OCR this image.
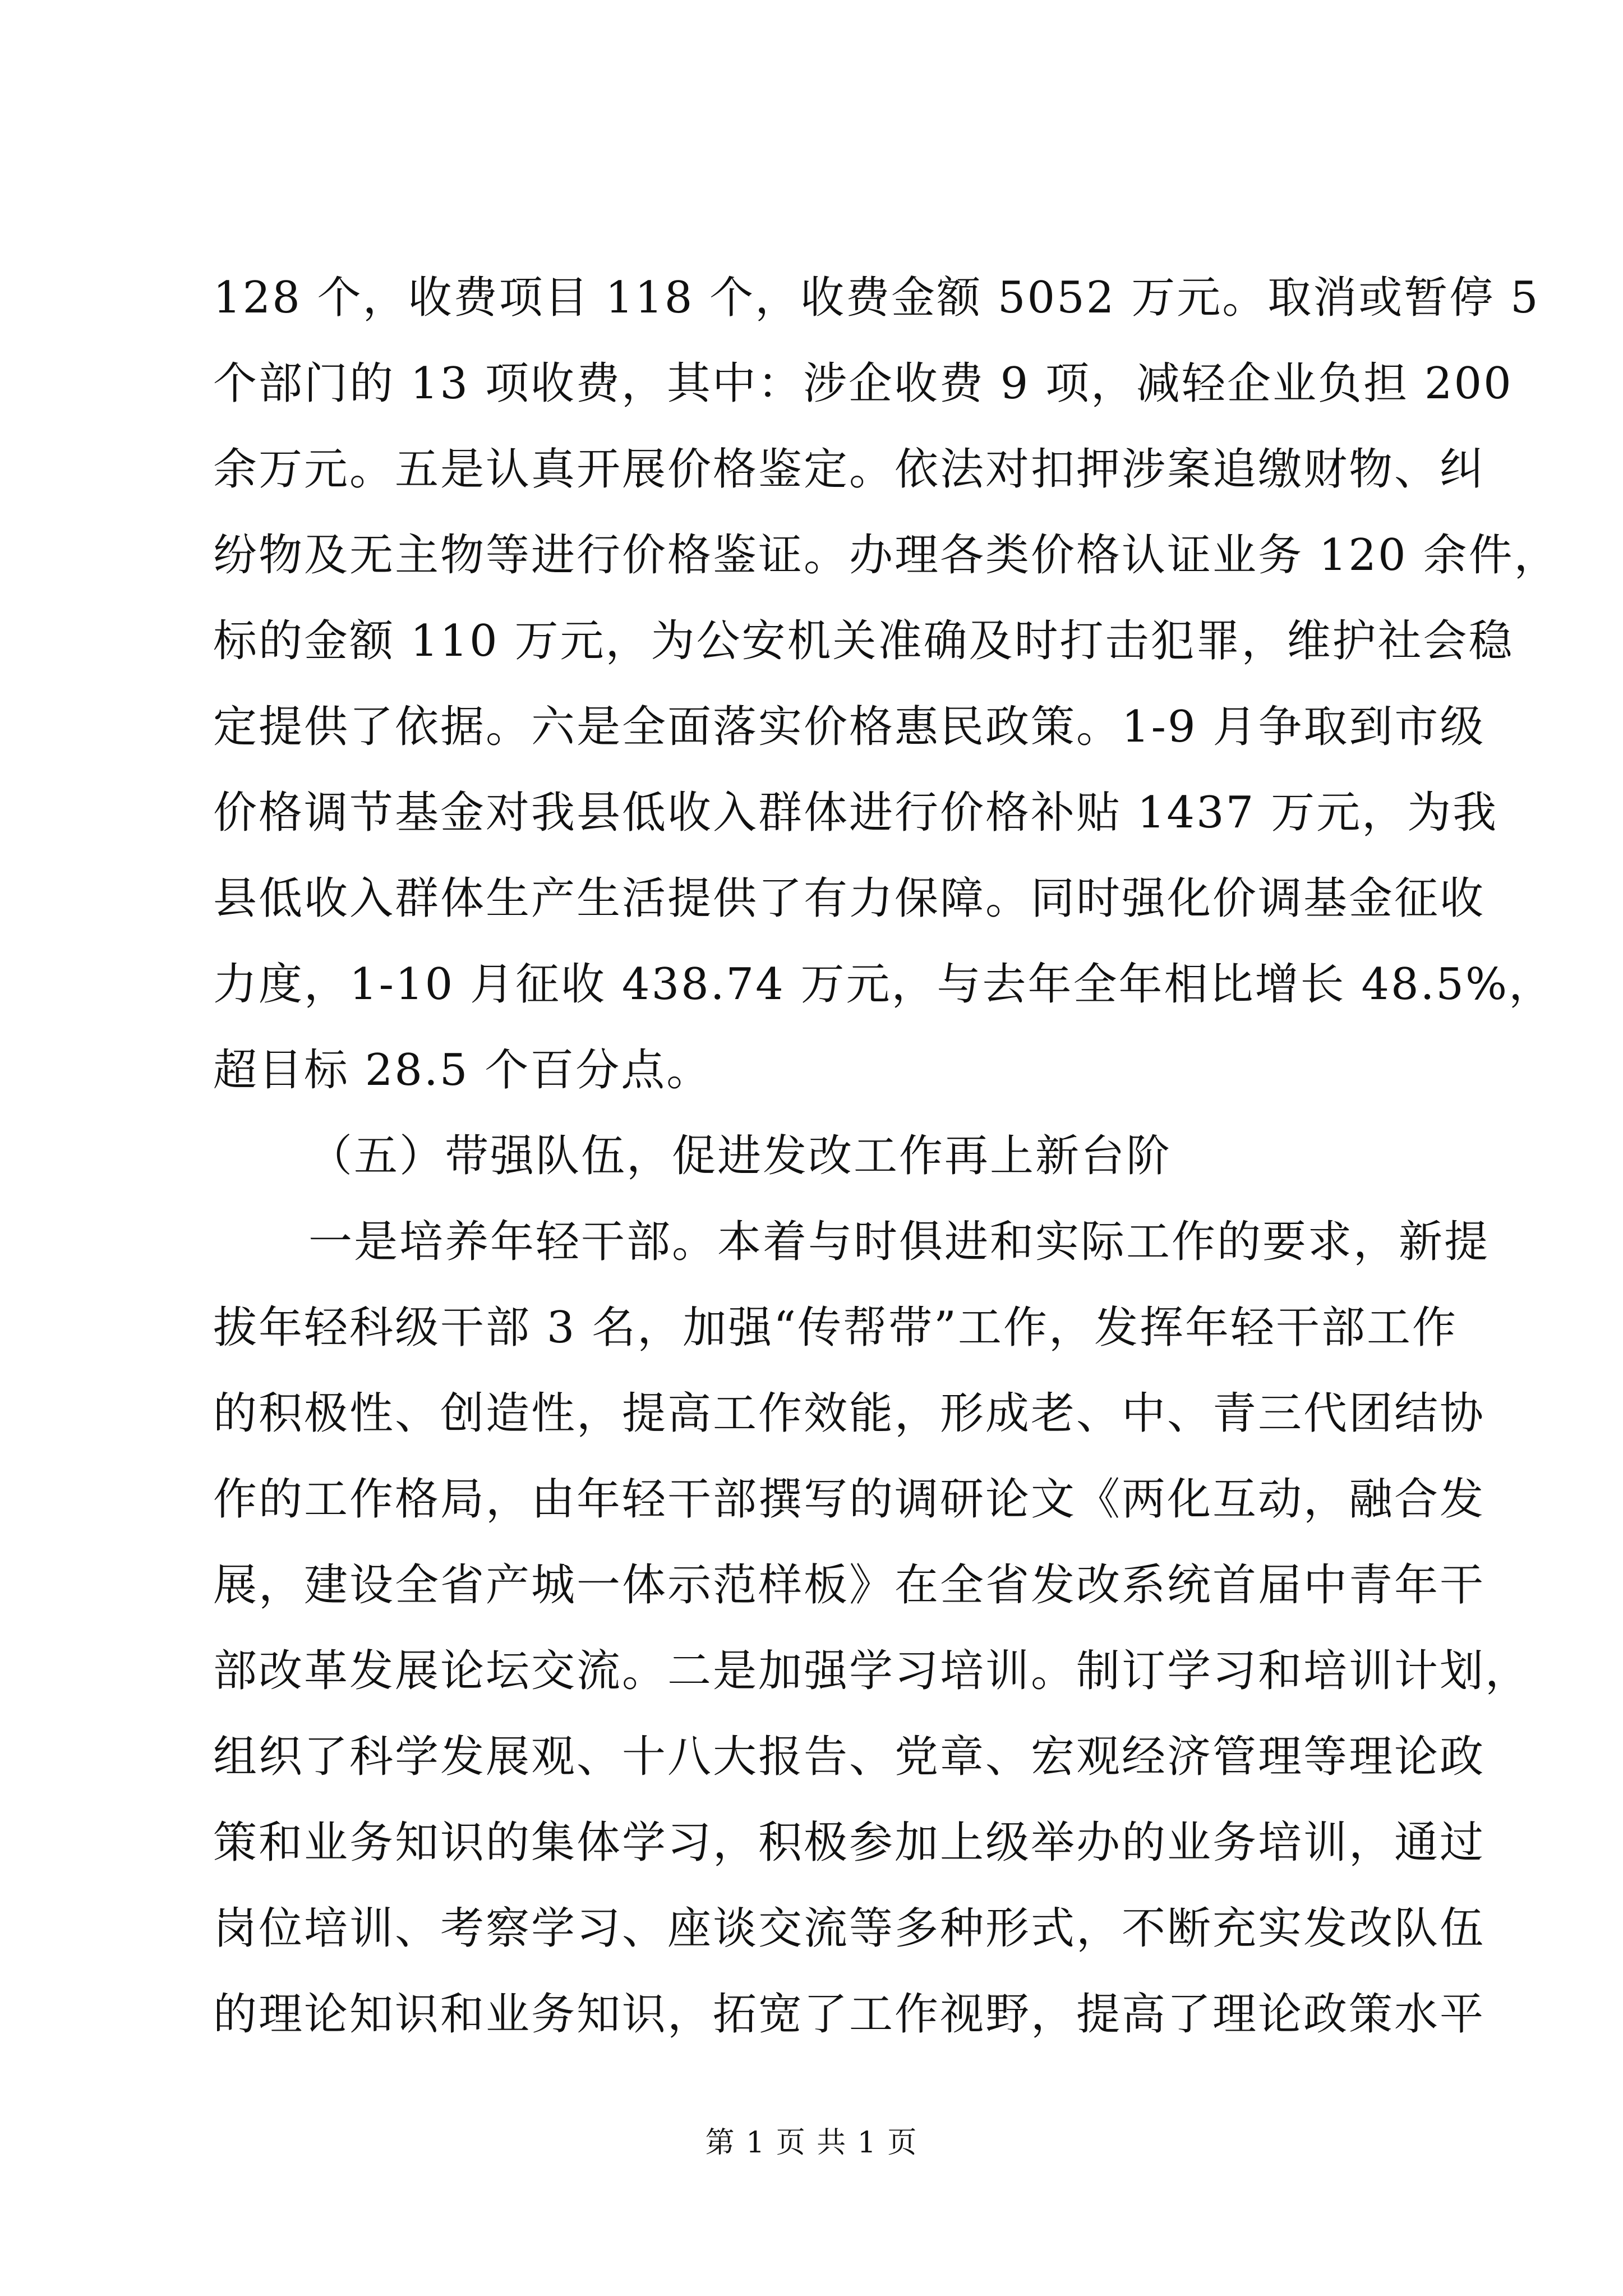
128 个，收费项目 118 个，收费金额 5052 万元。取消或暂停 5
个部门的 13 项收费，其中：涉企收费 9 项，减轻企业负担 200
余万元。五是认真开展价格鉴定。依法对扣押涉案追缴财物、纠
纷物及无主物等进行价格鉴证。办理各类价格认证业务 120 余件，
标的金额 110 万元，为公安机关准确及时打击犯罪，维护社会稳
定提供了依据。六是全面落实价格惠民政策。1-9 月争取到市级
价格调节基金对我县低收入群体进行价格补贴 1437 万元，为我
县低收入群体生产生活提供了有力保障。同时强化价调基金征收
力度，1-10 月征收 438.74 万元，与去年全年相比增长 48.5%，
超目标 28.5 个百分点。
（五）带强队伍，促进发改工作再上新台阶
一是培养年轻干部。本着与时俱进和实际工作的要求，新提
拔年轻科级干部 3 名，加强“传帮带”工作，发挥年轻干部工作
的积极性、创造性，提高工作效能，形成老、中、青三代团结协
作的工作格局，由年轻干部撰写的调研论文《两化互动，融合发
展，建设全省产城一体示范样板》在全省发改系统首届中青年干
部改革发展论坛交流。二是加强学习培训。制订学习和培训计划，
组织了科学发展观、十八大报告、党章、宏观经济管理等理论政
策和业务知识的集体学习，积极参加上级举办的业务培训，通过
岗位培训、考察学习、座谈交流等多种形式，不断充实发改队伍
的理论知识和业务知识，拓宽了工作视野，提高了理论政策水平
第 1 页 共 1 页
